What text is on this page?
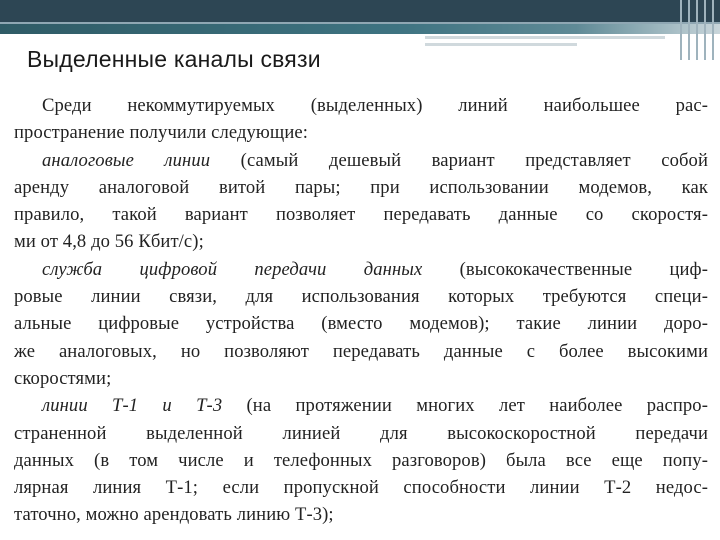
Выделенные каналы связи
Среди некоммутируемых (выделенных) линий наибольшее рас-
пространение получили следующие:
аналоговые линии (самый дешевый вариант представляет собой
аренду аналоговой витой пары; при использовании модемов, как
правило, такой вариант позволяет передавать данные со скоростя-
ми от 4,8 до 56 Кбит/с);
служба цифровой передачи данных (высококачественные циф-
ровые линии связи, для использования которых требуются специ-
альные цифровые устройства (вместо модемов); такие линии доро-
же аналоговых, но позволяют передавать данные с более высокими
скоростями;
линии Т-1 и Т-3 (на протяжении многих лет наиболее распро-
страненной выделенной линией для высокоскоростной передачи
данных (в том числе и телефонных разговоров) была все еще попу-
лярная линия Т-1; если пропускной способности линии Т-2 недос-
таточно, можно арендовать линию Т-3);
